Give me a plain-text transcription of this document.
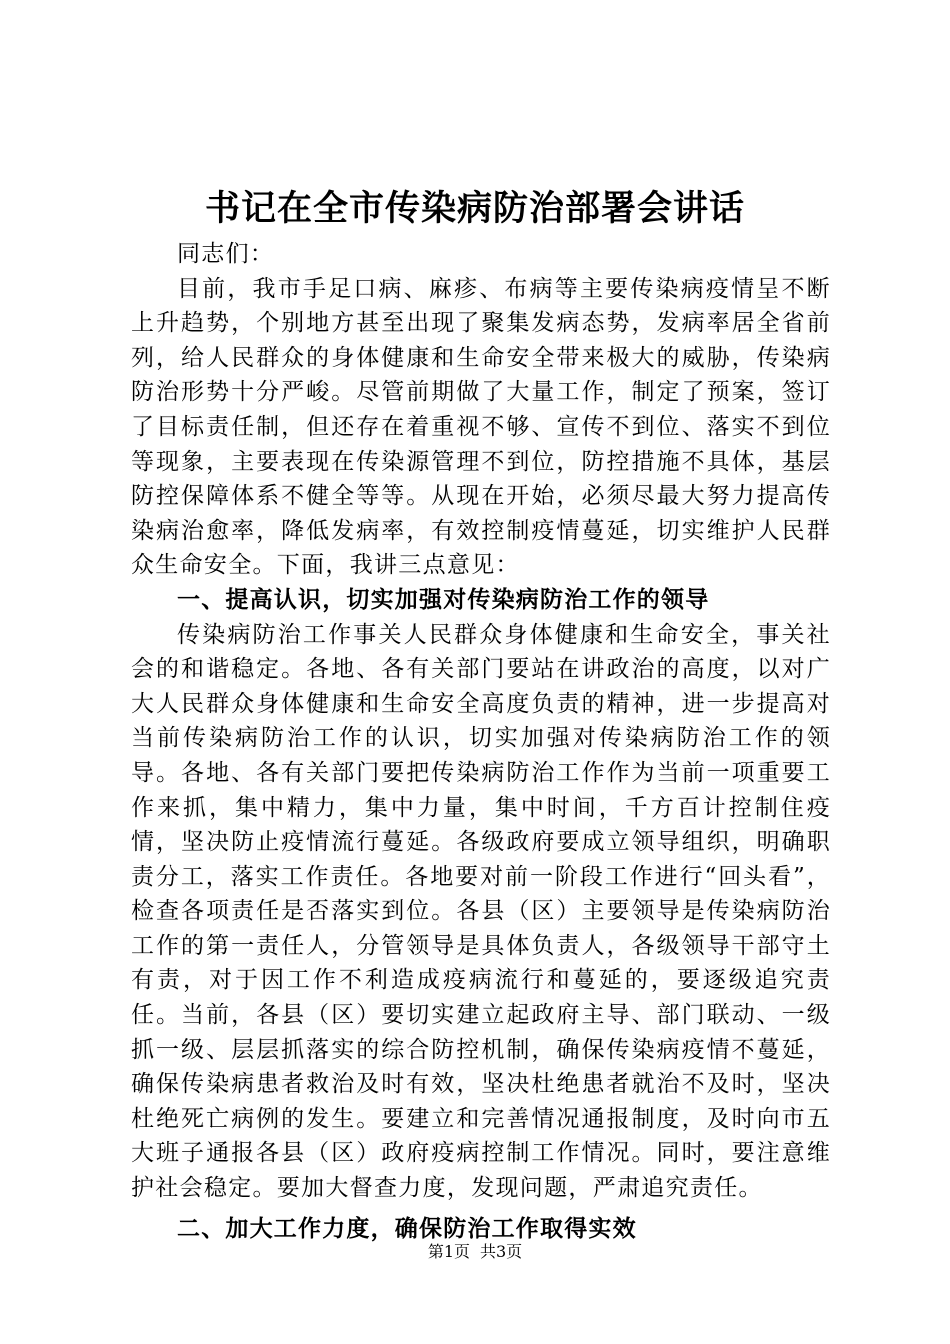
书记在全市传染病防治部署会讲话

同志们：

目前，我市手足口病、麻疹、布病等主要传染病疫情呈不断上升趋势，个别地方甚至出现了聚集发病态势，发病率居全省前列，给人民群众的身体健康和生命安全带来极大的威胁，传染病防治形势十分严峻。尽管前期做了大量工作，制定了预案，签订了目标责任制，但还存在着重视不够、宣传不到位、落实不到位等现象，主要表现在传染源管理不到位，防控措施不具体，基层防控保障体系不健全等等。从现在开始，必须尽最大努力提高传染病治愈率，降低发病率，有效控制疫情蔓延，切实维护人民群众生命安全。下面，我讲三点意见：

一、提高认识，切实加强对传染病防治工作的领导

传染病防治工作事关人民群众身体健康和生命安全，事关社会的和谐稳定。各地、各有关部门要站在讲政治的高度，以对广大人民群众身体健康和生命安全高度负责的精神，进一步提高对当前传染病防治工作的认识，切实加强对传染病防治工作的领导。各地、各有关部门要把传染病防治工作作为当前一项重要工作来抓，集中精力，集中力量，集中时间，千方百计控制住疫情，坚决防止疫情流行蔓延。各级政府要成立领导组织，明确职责分工，落实工作责任。各地要对前一阶段工作进行“回头看”，检查各项责任是否落实到位。各县（区）主要领导是传染病防治工作的第一责任人，分管领导是具体负责人，各级领导干部守土有责，对于因工作不利造成疫病流行和蔓延的，要逐级追究责任。当前，各县（区）要切实建立起政府主导、部门联动、一级抓一级、层层抓落实的综合防控机制，确保传染病疫情不蔓延，确保传染病患者救治及时有效，坚决杜绝患者就治不及时，坚决杜绝死亡病例的发生。要建立和完善情况通报制度，及时向市五大班子通报各县（区）政府疫病控制工作情况。同时，要注意维护社会稳定。要加大督查力度，发现问题，严肃追究责任。

二、加大工作力度，确保防治工作取得实效

第1页 共3页
